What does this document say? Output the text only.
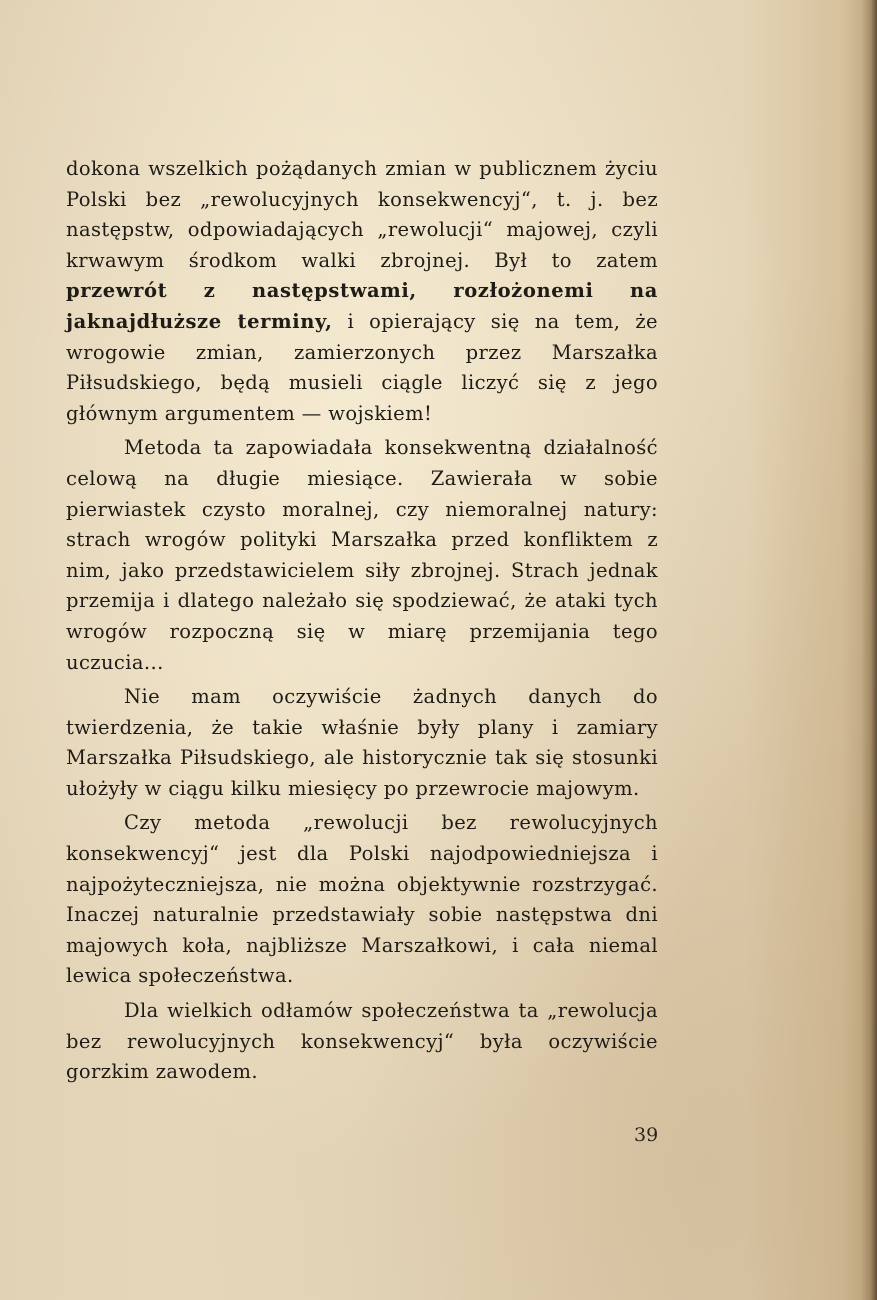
dokona wszelkich pożądanych zmian w publicznem życiu Polski bez „rewolucyjnych konsekwencyj“, t. j. bez następstw, odpowiadających „rewolucji“ majowej, czyli krwawym środkom walki zbrojnej. Był to zatem przewrót z następstwami, rozłożonemi na jaknajdłuższe terminy, i opierający się na tem, że wrogowie zmian, zamierzonych przez Marszałka Piłsudskiego, będą musieli ciągle liczyć się z jego głównym argumentem — wojskiem!

Metoda ta zapowiadała konsekwentną działalność celową na długie miesiące. Zawierała w sobie pierwiastek czysto moralnej, czy niemoralnej natury: strach wrogów polityki Marszałka przed konfliktem z nim, jako przedstawicielem siły zbrojnej. Strach jednak przemija i dlatego należało się spodziewać, że ataki tych wrogów rozpoczną się w miarę przemijania tego uczucia...

Nie mam oczywiście żadnych danych do twierdzenia, że takie właśnie były plany i zamiary Marszałka Piłsudskiego, ale historycznie tak się stosunki ułożyły w ciągu kilku miesięcy po przewrocie majowym.

Czy metoda „rewolucji bez rewolucyjnych konsekwencyj“ jest dla Polski najodpowiedniejsza i najpożyteczniejsza, nie można objektywnie rozstrzygać. Inaczej naturalnie przedstawiały sobie następstwa dni majowych koła, najbliższe Marszałkowi, i cała niemal lewica społeczeństwa.

Dla wielkich odłamów społeczeństwa ta „rewolucja bez rewolucyjnych konsekwencyj“ była oczywiście gorzkim zawodem.

39
